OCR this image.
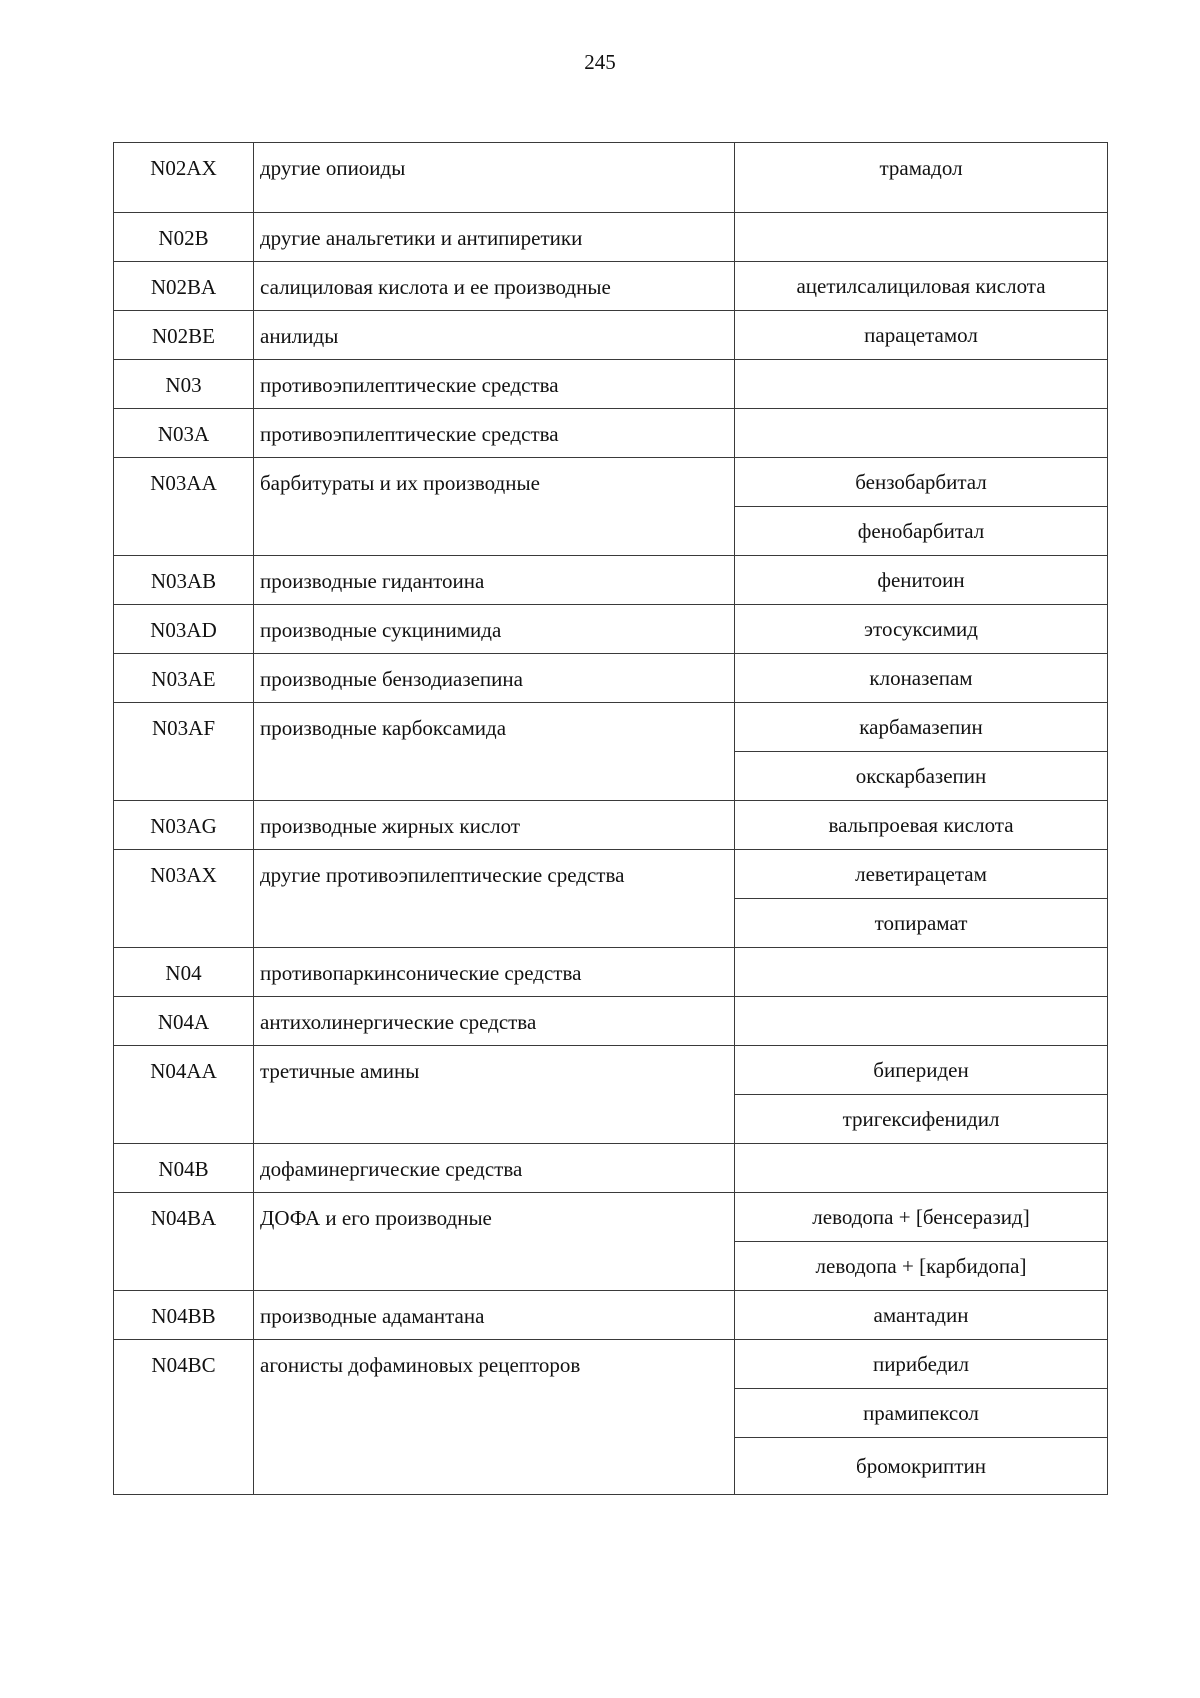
245
N02AX	другие опиоиды	трамадол
N02B	другие анальгетики и антипиретики	
N02BA	салициловая кислота и ее производные	ацетилсалициловая кислота
N02BE	анилиды	парацетамол
N03	противоэпилептические средства	
N03A	противоэпилептические средства	
N03AA	барбитураты и их производные	бензобарбитал
		фенобарбитал
N03AB	производные гидантоина	фенитоин
N03AD	производные сукцинимида	этосуксимид
N03AE	производные бензодиазепина	клоназепам
N03AF	производные карбоксамида	карбамазепин
		окскарбазепин
N03AG	производные жирных кислот	вальпроевая кислота
N03AX	другие противоэпилептические средства	леветирацетам
		топирамат
N04	противопаркинсонические средства	
N04A	антихолинергические средства	
N04AA	третичные амины	бипериден
		тригексифенидил
N04B	дофаминергические средства	
N04BA	ДОФА и его производные	леводопа + [бенсеразид]
		леводопа + [карбидопа]
N04BB	производные адамантана	амантадин
N04BC	агонисты дофаминовых рецепторов	пирибедил
		прамипексол
		бромокриптин
